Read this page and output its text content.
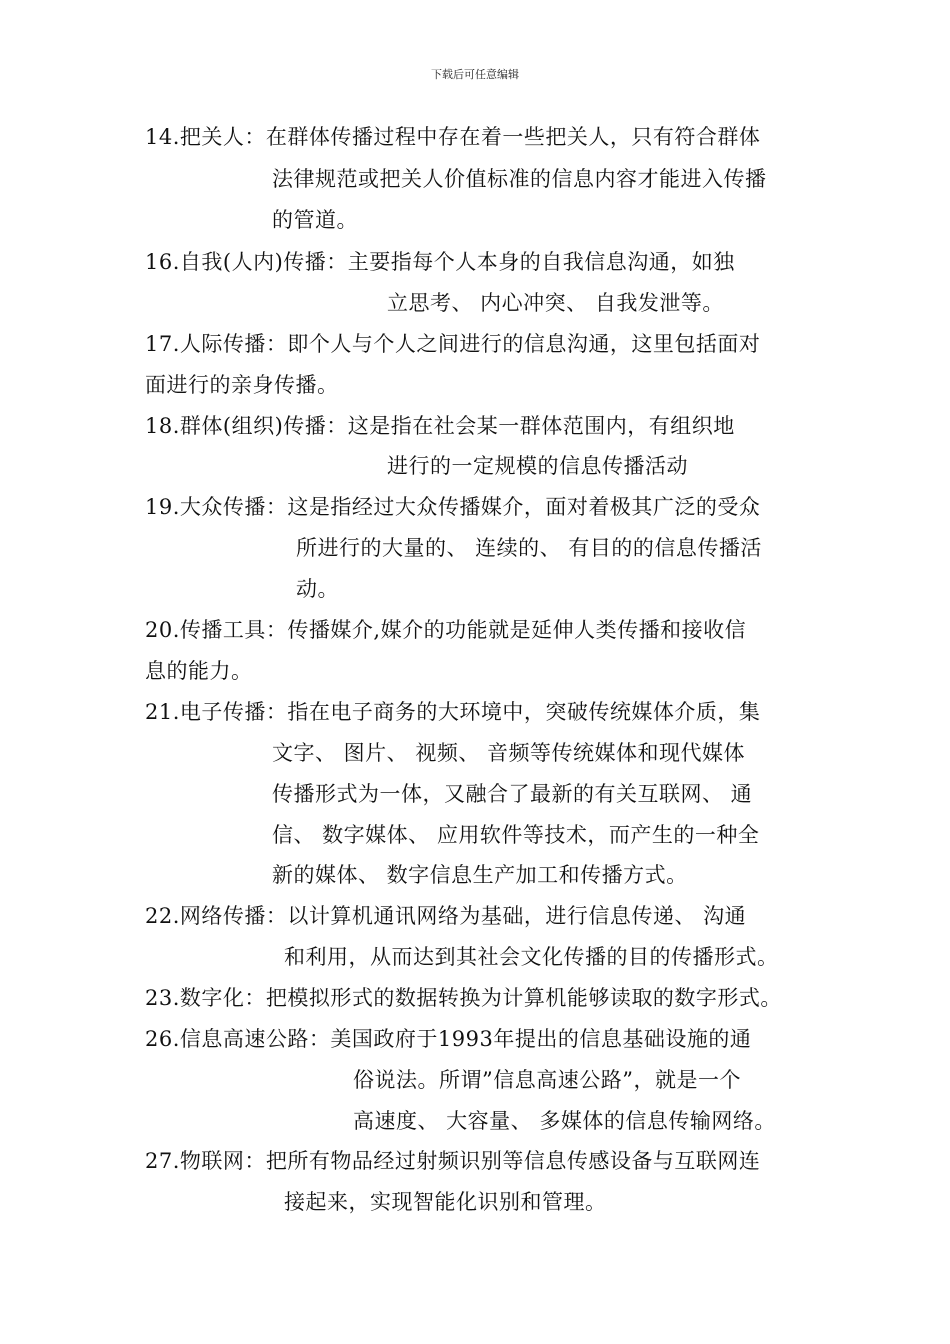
下载后可任意编辑
14.把关人：在群体传播过程中存在着一些把关人，只有符合群体
法律规范或把关人价值标准的信息内容才能进入传播
的管道。
16.自我(人内)传播：主要指每个人本身的自我信息沟通，如独
立思考、 内心冲突、 自我发泄等。
17.人际传播：即个人与个人之间进行的信息沟通，这里包括面对
面进行的亲身传播。
18.群体(组织)传播：这是指在社会某一群体范围内，有组织地
进行的一定规模的信息传播活动
19.大众传播：这是指经过大众传播媒介，面对着极其广泛的受众
所进行的大量的、 连续的、 有目的的信息传播活
动。
20.传播工具：传播媒介,媒介的功能就是延伸人类传播和接收信
息的能力。
21.电子传播：指在电子商务的大环境中，突破传统媒体介质，集
文字、 图片、 视频、 音频等传统媒体和现代媒体
传播形式为一体，又融合了最新的有关互联网、 通
信、 数字媒体、 应用软件等技术，而产生的一种全
新的媒体、 数字信息生产加工和传播方式。
22.网络传播：以计算机通讯网络为基础，进行信息传递、 沟通
和利用，从而达到其社会文化传播的目的传播形式。
23.数字化：把模拟形式的数据转换为计算机能够读取的数字形式。
26.信息高速公路：美国政府于1993年提出的信息基础设施的通
俗说法。所谓”信息高速公路”，就是一个
高速度、 大容量、 多媒体的信息传输网络。
27.物联网：把所有物品经过射频识别等信息传感设备与互联网连
接起来，实现智能化识别和管理。
